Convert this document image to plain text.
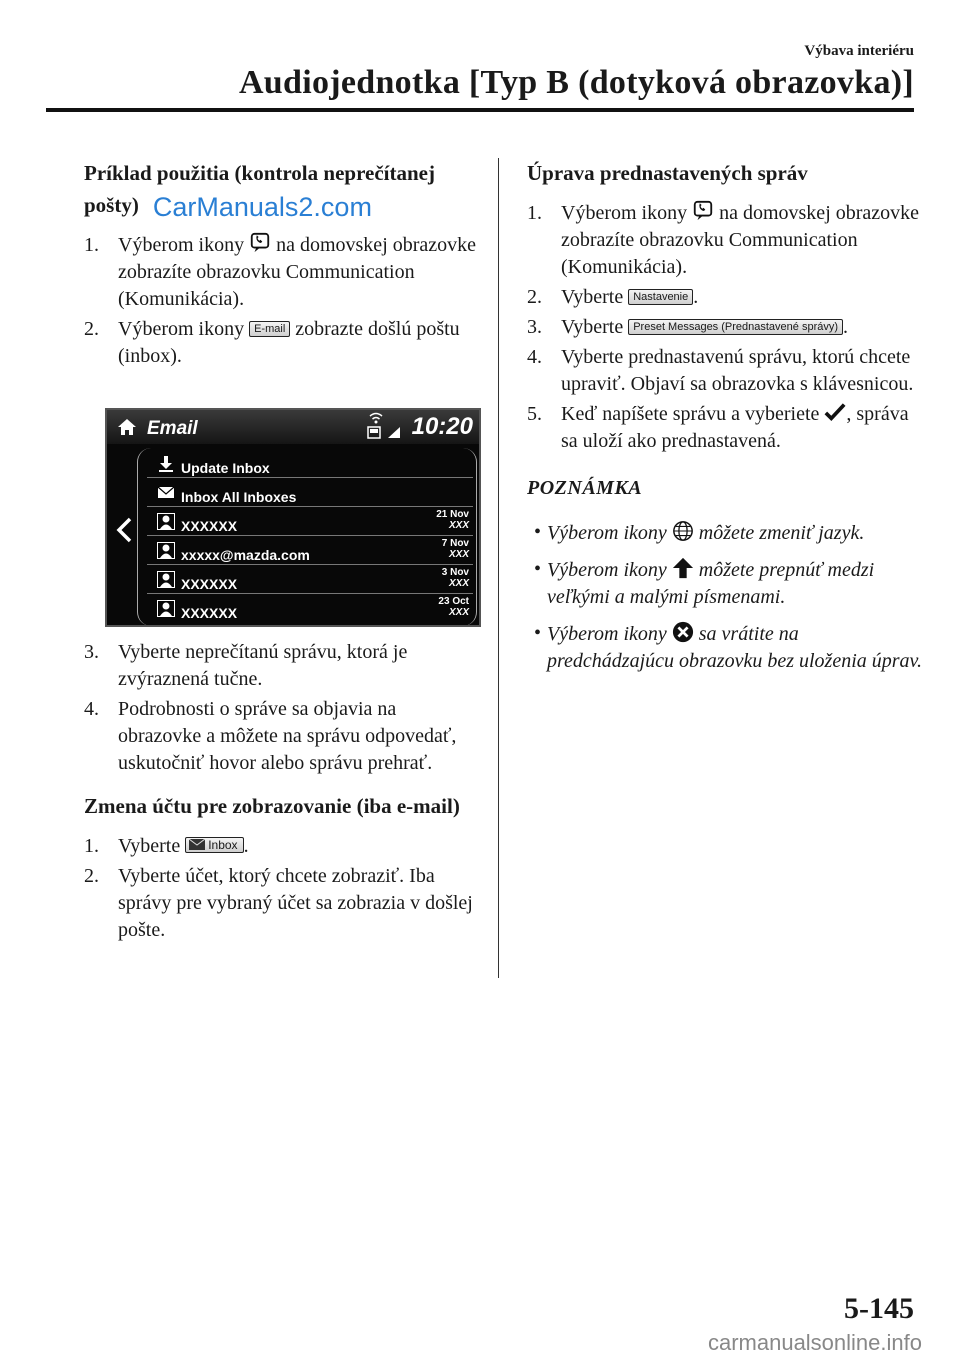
Výbava interiéru
Audiojednotka [Typ B (dotyková obrazovka)]
Príklad použitia (kontrola neprečítanej pošty) CarManuals2.com
1. Výberom ikony na domovskej obrazovke zobrazíte obrazovku Communication (Komunikácia).
2. Výberom ikony E-mail zobrazte došlú poštu (inbox).
Email	10:20
Update Inbox
Inbox All Inboxes
XXXXXX
21 Nov
XXX
xxxxx@mazda.com
7 Nov
XXX
XXXXXX
3 Nov
XXX
XXXXXX
23 Oct
XXX
3. Vyberte neprečítanú správu, ktorá je zvýraznená tučne.
4. Podrobnosti o správe sa objavia na obrazovke a môžete na správu odpovedať, uskutočniť hovor alebo správu prehrať.
Zmena účtu pre zobrazovanie (iba e-mail)
1. Vyberte Inbox .
2. Vyberte účet, ktorý chcete zobraziť. Iba správy pre vybraný účet sa zobrazia v došlej pošte.
Úprava prednastavených správ
1. Výberom ikony na domovskej obrazovke zobrazíte obrazovku Communication (Komunikácia).
2. Vyberte Nastavenie .
3. Vyberte Preset Messages (Prednastavené správy) .
4. Vyberte prednastavenú správu, ktorú chcete upraviť. Objaví sa obrazovka s klávesnicou.
5. Keď napíšete správu a vyberiete , správa sa uloží ako prednastavená.
POZNÁMKA
• Výberom ikony môžete zmeniť jazyk.
• Výberom ikony môžete prepnúť medzi veľkými a malými písmenami.
• Výberom ikony sa vrátite na predchádzajúcu obrazovku bez uloženia úprav.
5-145
carmanualsonline.info
